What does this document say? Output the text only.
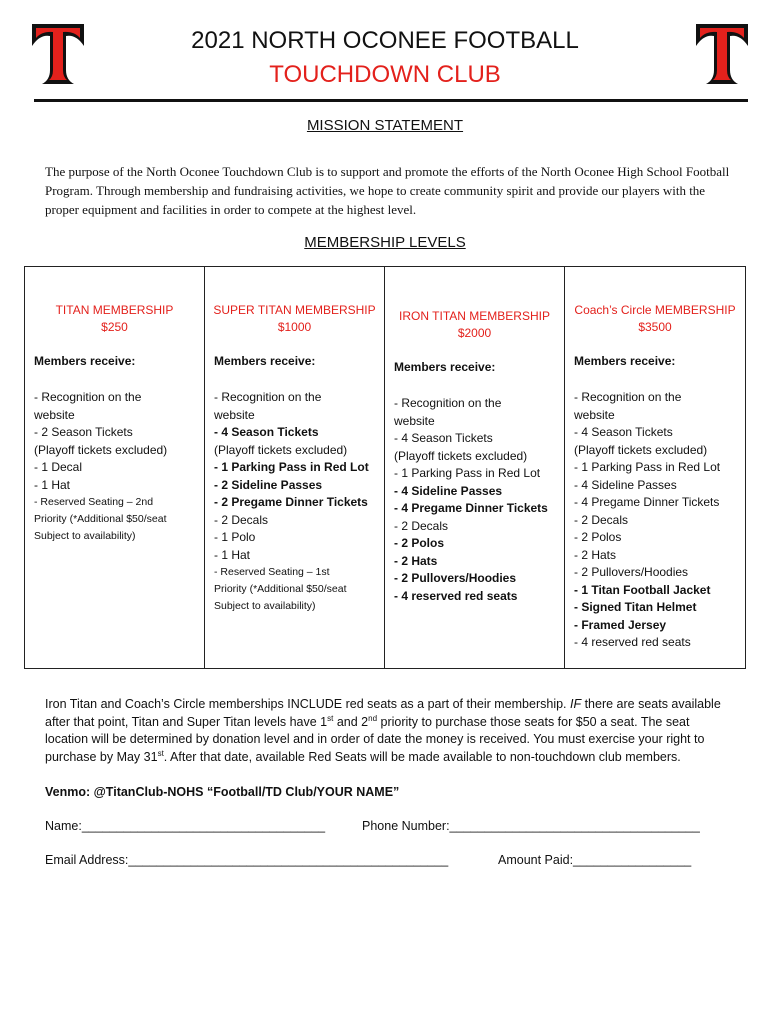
2021 NORTH OCONEE FOOTBALL
TOUCHDOWN CLUB
MISSION STATEMENT

The purpose of the North Oconee Touchdown Club is to support and promote the efforts of the North Oconee High School Football Program. Through membership and fundraising activities, we hope to create community spirit and provide our players with the proper equipment and facilities in order to compete at the highest level.

MEMBERSHIP LEVELS
TITAN MEMBERSHIP
$250
Members receive:
- Recognition on the
website
- 2 Season Tickets
(Playoff tickets excluded)
- 1 Decal
- 1 Hat
- Reserved Seating – 2nd
Priority (*Additional $50/seat
Subject to availability)
SUPER TITAN MEMBERSHIP
$1000
Members receive:
- Recognition on the
website
- 4 Season Tickets
(Playoff tickets excluded)
- 1 Parking Pass in Red Lot
- 2 Sideline Passes
- 2 Pregame Dinner Tickets
- 2 Decals
- 1 Polo
- 1 Hat
- Reserved Seating – 1st
Priority (*Additional $50/seat
Subject to availability)
IRON TITAN MEMBERSHIP
$2000
Members receive:
- Recognition on the
website
- 4 Season Tickets
(Playoff tickets excluded)
- 1 Parking Pass in Red Lot
- 4 Sideline Passes
- 4 Pregame Dinner Tickets
- 2 Decals
- 2 Polos
- 2 Hats
- 2 Pullovers/Hoodies
- 4 reserved red seats
Coach’s Circle MEMBERSHIP
$3500
Members receive:
- Recognition on the
website
- 4 Season Tickets
(Playoff tickets excluded)
- 1 Parking Pass in Red Lot
- 4 Sideline Passes
- 4 Pregame Dinner Tickets
- 2 Decals
- 2 Polos
- 2 Hats
- 2 Pullovers/Hoodies
- 1 Titan Football Jacket
- Signed Titan Helmet
- Framed Jersey
- 4 reserved red seats

Iron Titan and Coach’s Circle memberships INCLUDE red seats as a part of their membership. IF there are seats available after that point, Titan and Super Titan levels have 1st and 2nd priority to purchase those seats for $50 a seat. The seat location will be determined by donation level and in order of date the money is received. You must exercise your right to purchase by May 31st. After that date, available Red Seats will be made available to non-touchdown club members.

Venmo: @TitanClub-NOHS “Football/TD Club/YOUR NAME”
Name:___________________________________	Phone Number:____________________________________
Email Address:______________________________________________	Amount Paid:_________________
